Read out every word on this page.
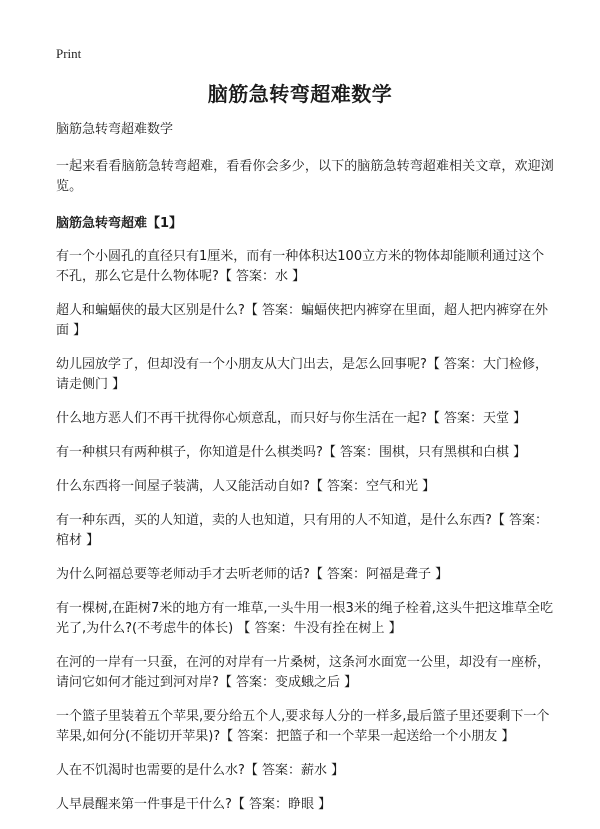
Print
脑筋急转弯超难数学
脑筋急转弯超难数学
一起来看看脑筋急转弯超难，看看你会多少，以下的脑筋急转弯超难相关文章，欢迎浏览。
脑筋急转弯超难【1】
有一个小圆孔的直径只有1厘米，而有一种体积达100立方米的物体却能顺利通过这个不孔，那么它是什么物体呢?【 答案：水 】
超人和蝙蝠侠的最大区别是什么?【 答案：蝙蝠侠把内裤穿在里面，超人把内裤穿在外面 】
幼儿园放学了，但却没有一个小朋友从大门出去，是怎么回事呢?【 答案：大门检修，请走侧门 】
什么地方恶人们不再干扰得你心烦意乱，而只好与你生活在一起?【 答案：天堂 】
有一种棋只有两种棋子，你知道是什么棋类吗?【 答案：围棋，只有黑棋和白棋 】
什么东西将一间屋子装满，人又能活动自如?【 答案：空气和光 】
有一种东西，买的人知道，卖的人也知道，只有用的人不知道，是什么东西?【 答案：棺材 】
为什么阿福总要等老师动手才去听老师的话?【 答案：阿福是聋子 】
有一棵树,在距树7米的地方有一堆草,一头牛用一根3米的绳子栓着,这头牛把这堆草全吃光了,为什么?(不考虑牛的体长) 【 答案：牛没有拴在树上 】
在河的一岸有一只蚕，在河的对岸有一片桑树，这条河水面宽一公里，却没有一座桥，请问它如何才能过到河对岸?【 答案：变成蛾之后 】
一个篮子里装着五个苹果,要分给五个人,要求每人分的一样多,最后篮子里还要剩下一个苹果,如何分(不能切开苹果)?【 答案：把篮子和一个苹果一起送给一个小朋友 】
人在不饥渴时也需要的是什么水?【 答案：薪水 】
人早晨醒来第一件事是干什么?【 答案：睁眼 】
